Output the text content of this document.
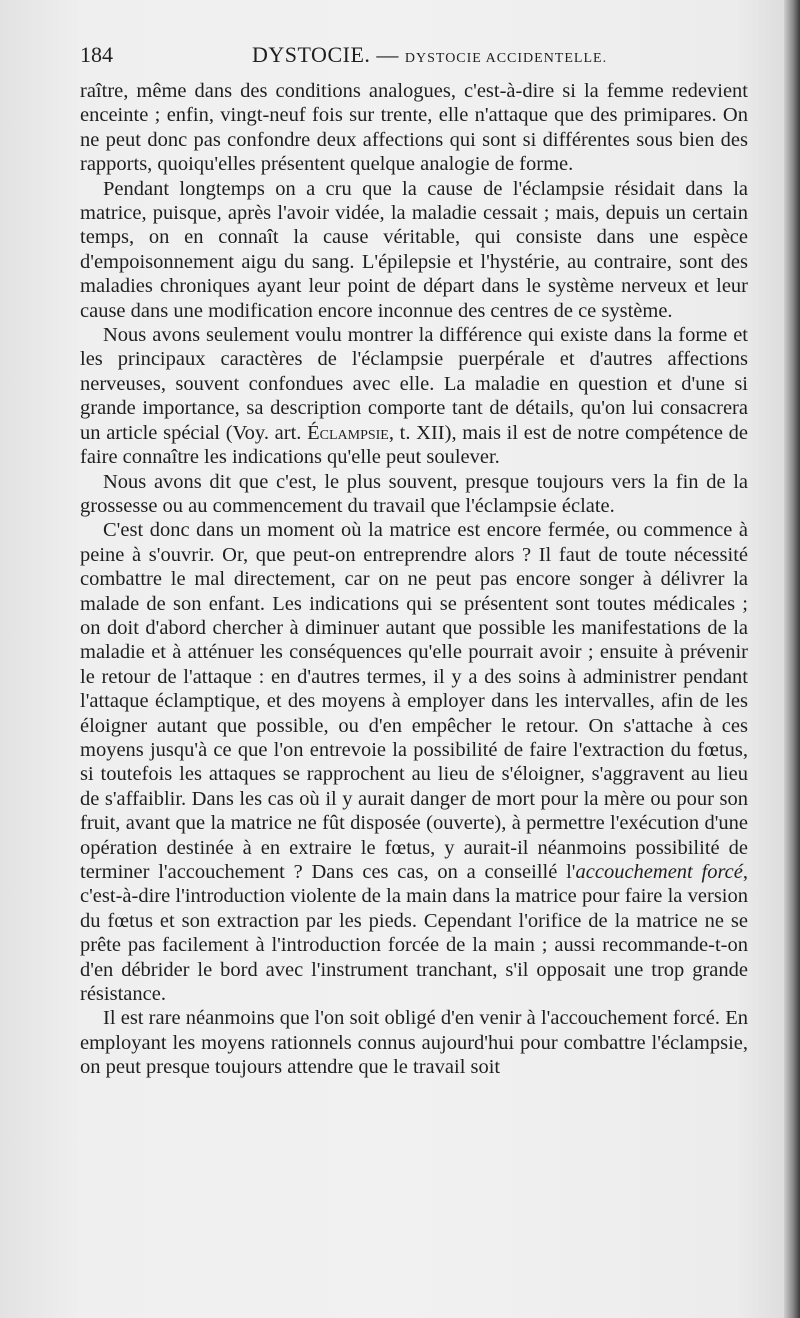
184	DYSTOCIE. — DYSTOCIE ACCIDENTELLE.

raître, même dans des conditions analogues, c'est-à-dire si la femme redevient enceinte ; enfin, vingt-neuf fois sur trente, elle n'attaque que des primipares. On ne peut donc pas confondre deux affections qui sont si différentes sous bien des rapports, quoiqu'elles présentent quelque analogie de forme.

Pendant longtemps on a cru que la cause de l'éclampsie résidait dans la matrice, puisque, après l'avoir vidée, la maladie cessait ; mais, depuis un certain temps, on en connaît la cause véritable, qui consiste dans une espèce d'empoisonnement aigu du sang. L'épilepsie et l'hystérie, au contraire, sont des maladies chroniques ayant leur point de départ dans le système nerveux et leur cause dans une modification encore inconnue des centres de ce système.

Nous avons seulement voulu montrer la différence qui existe dans la forme et les principaux caractères de l'éclampsie puerpérale et d'autres affections nerveuses, souvent confondues avec elle. La maladie en question et d'une si grande importance, sa description comporte tant de détails, qu'on lui consacrera un article spécial (Voy. art. Éclampsie, t. XII), mais il est de notre compétence de faire connaître les indications qu'elle peut soulever.

Nous avons dit que c'est, le plus souvent, presque toujours vers la fin de la grossesse ou au commencement du travail que l'éclampsie éclate.

C'est donc dans un moment où la matrice est encore fermée, ou commence à peine à s'ouvrir. Or, que peut-on entreprendre alors ? Il faut de toute nécessité combattre le mal directement, car on ne peut pas encore songer à délivrer la malade de son enfant. Les indications qui se présentent sont toutes médicales ; on doit d'abord chercher à diminuer autant que possible les manifestations de la maladie et à atténuer les conséquences qu'elle pourrait avoir ; ensuite à prévenir le retour de l'attaque : en d'autres termes, il y a des soins à administrer pendant l'attaque éclamptique, et des moyens à employer dans les intervalles, afin de les éloigner autant que possible, ou d'en empêcher le retour. On s'attache à ces moyens jusqu'à ce que l'on entrevoie la possibilité de faire l'extraction du fœtus, si toutefois les attaques se rapprochent au lieu de s'éloigner, s'aggravent au lieu de s'affaiblir. Dans les cas où il y aurait danger de mort pour la mère ou pour son fruit, avant que la matrice ne fût disposée (ouverte), à permettre l'exécution d'une opération destinée à en extraire le fœtus, y aurait-il néanmoins possibilité de terminer l'accouchement ? Dans ces cas, on a conseillé l'accouchement forcé, c'est-à-dire l'introduction violente de la main dans la matrice pour faire la version du fœtus et son extraction par les pieds. Cependant l'orifice de la matrice ne se prête pas facilement à l'introduction forcée de la main ; aussi recommande-t-on d'en débrider le bord avec l'instrument tranchant, s'il opposait une trop grande résistance.

Il est rare néanmoins que l'on soit obligé d'en venir à l'accouchement forcé. En employant les moyens rationnels connus aujourd'hui pour combattre l'éclampsie, on peut presque toujours attendre que le travail soit
